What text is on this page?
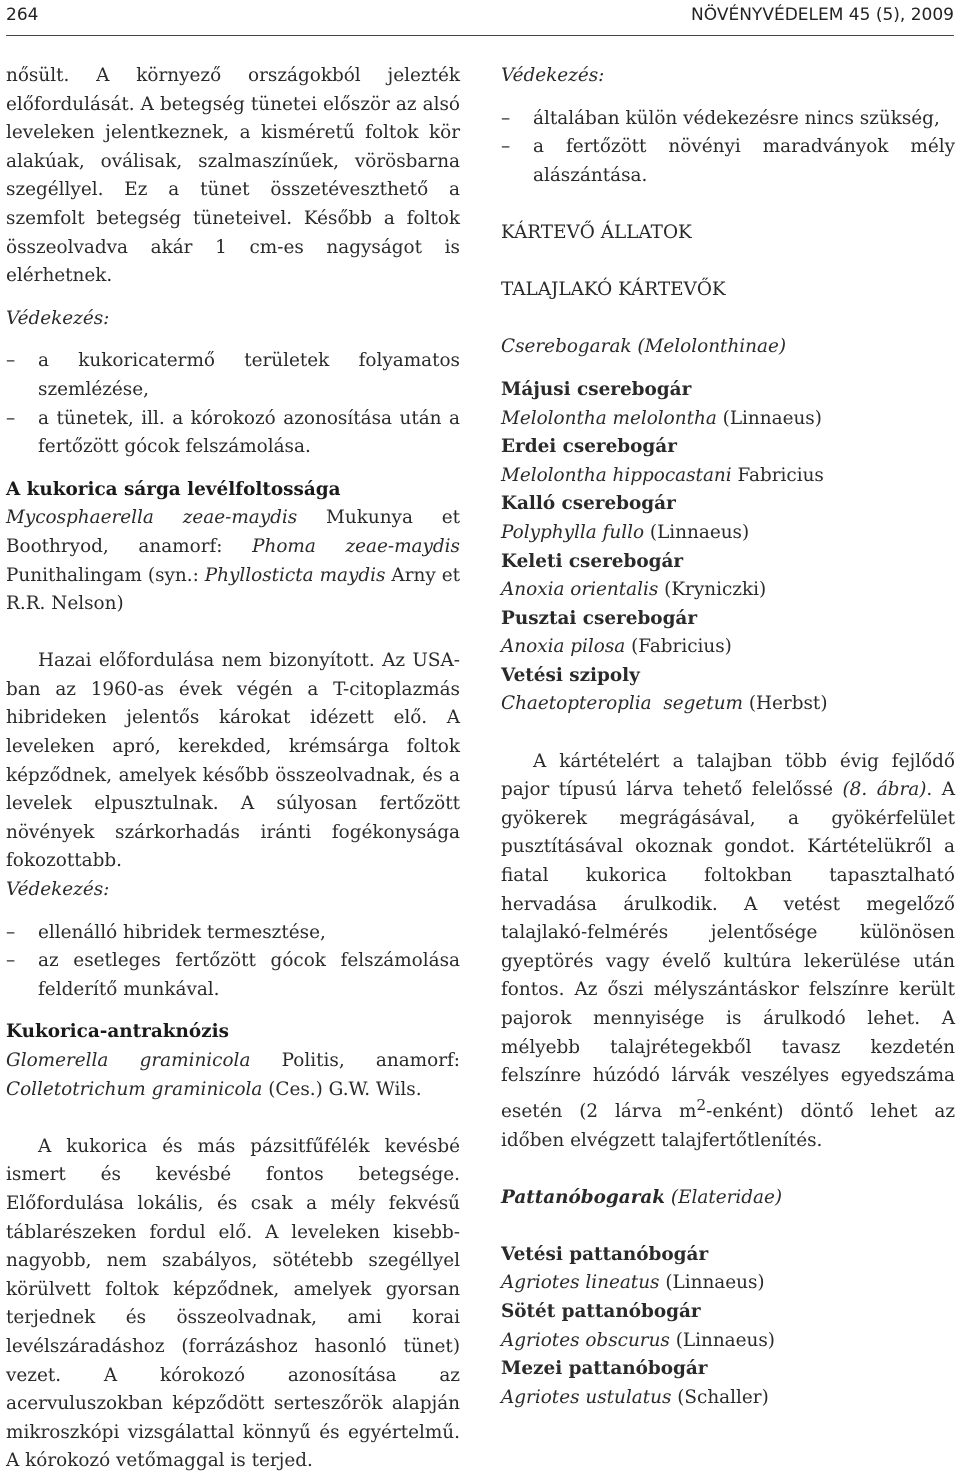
264	NÖVÉNYVÉDELEM 45 (5), 2009

nősült. A környező országokból jelezték előfordulását. A betegség tünetei először az alsó leveleken jelentkeznek, a kisméretű foltok kör alakúak, oválisak, szalmaszínűek, vörösbarna szegéllyel. Ez a tünet összetéveszthető a szemfolt betegség tüneteivel. Később a foltok összeolvadva akár 1 cm-es nagyságot is elérhetnek.

Védekezés:

– a kukoricatermő területek folyamatos szemlézése,
– a tünetek, ill. a kórokozó azonosítása után a fertőzött gócok felszámolása.

A kukorica sárga levélfoltossága

Mycosphaerella zeae-maydis Mukunya et Boothryod, anamorf: Phoma zeae-maydis Punithalingam (syn.: Phyllosticta maydis Arny et R.R. Nelson)

Hazai előfordulása nem bizonyított. Az USA-ban az 1960-as évek végén a T-citoplazmás hibrideken jelentős károkat idézett elő. A leveleken apró, kerekded, krémsárga foltok képződnek, amelyek később összeolvadnak, és a levelek elpusztulnak. A súlyosan fertőzött növények szárkorhadás iránti fogékonysága fokozottabb.

Védekezés:

– ellenálló hibridek termesztése,
– az esetleges fertőzött gócok felszámolása felderítő munkával.

Kukorica-antraknózis

Glomerella graminicola Politis, anamorf: Colletotrichum graminicola (Ces.) G.W. Wils.

A kukorica és más pázsitfűfélék kevésbé ismert és kevésbé fontos betegsége. Előfordulása lokális, és csak a mély fekvésű táblarészeken fordul elő. A leveleken kisebb-nagyobb, nem szabályos, sötétebb szegéllyel körülvett foltok képződnek, amelyek gyorsan terjednek és összeolvadnak, ami korai levélszáradáshoz (forrázáshoz hasonló tünet) vezet. A kórokozó azonosítása az acervuluszokban képződött serteszőrök alapján mikroszkópi vizsgálattal könnyű és egyértelmű. A kórokozó vetőmaggal is terjed.

Védekezés:

– általában külön védekezésre nincs szükség,
– a fertőzött növényi maradványok mély alászántása.

KÁRTEVŐ ÁLLATOK

TALAJLAKÓ KÁRTEVŐK

Cserebogarak (Melolonthinae)

Májusi cserebogár

Melolontha melolontha (Linnaeus)

Erdei cserebogár

Melolontha hippocastani Fabricius

Kalló cserebogár

Polyphylla fullo (Linnaeus)

Keleti cserebogár

Anoxia orientalis (Kryniczki)

Pusztai cserebogár

Anoxia pilosa (Fabricius)

Vetési szipoly

Chaetopteroplia  segetum (Herbst)

A kártételért a talajban több évig fejlődő pajor típusú lárva tehető felelőssé (8. ábra). A gyökerek megrágásával, a gyökérfelület pusztításával okoznak gondot. Kártételükről a fiatal kukorica foltokban tapasztalható hervadása árulkodik. A vetést megelőző talajlakó-felmérés jelentősége különösen gyeptörés vagy évelő kultúra lekerülése után fontos. Az őszi mélyszántáskor felszínre került pajorok mennyisége is árulkodó lehet. A mélyebb talajrétegekből tavasz kezdetén felszínre húzódó lárvák veszélyes egyedszáma esetén (2 lárva $m^2-enként$) döntő lehet az időben elvégzett talajfertőtlenítés.

Pattanóbogarak (Elateridae)

Vetési pattanóbogár

Agriotes lineatus (Linnaeus)

Sötét pattanóbogár

Agriotes obscurus (Linnaeus)

Mezei pattanóbogár

Agriotes ustulatus (Schaller)
